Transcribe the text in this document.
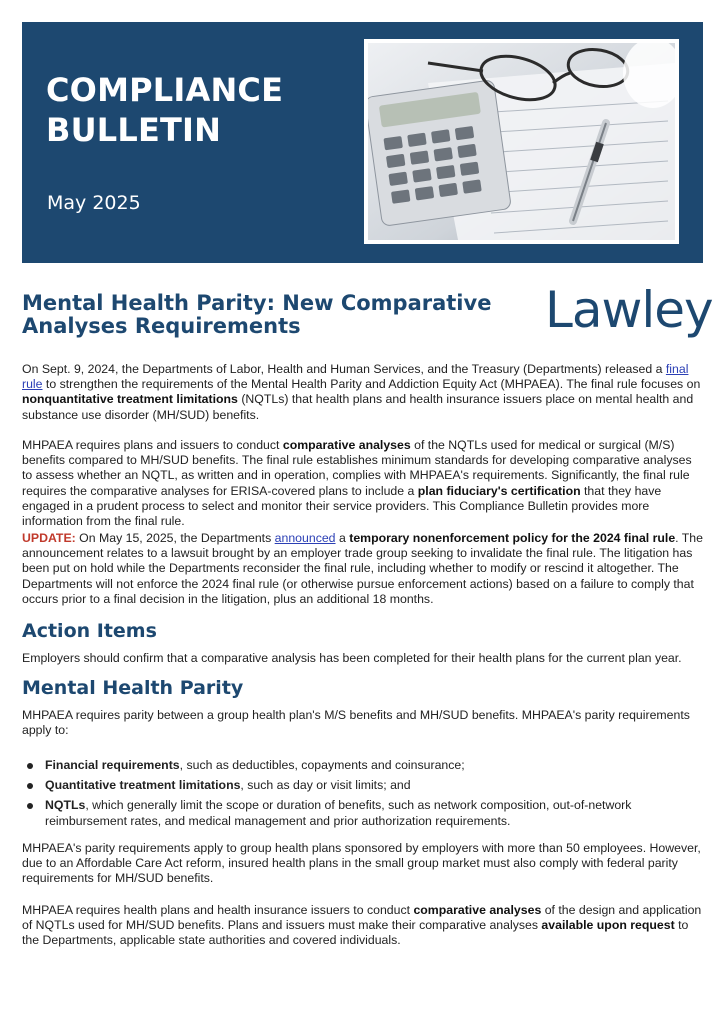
COMPLIANCE
BULLETIN
May 2025
Mental Health Parity: New Comparative
Analyses Requirements	Lawley

On Sept. 9, 2024, the Departments of Labor, Health and Human Services, and the Treasury (Departments) released a final rule to strengthen the requirements of the Mental Health Parity and Addiction Equity Act (MHPAEA). The final rule focuses on nonquantitative treatment limitations (NQTLs) that health plans and health insurance issuers place on mental health and substance use disorder (MH/SUD) benefits.

MHPAEA requires plans and issuers to conduct comparative analyses of the NQTLs used for medical or surgical (M/S) benefits compared to MH/SUD benefits. The final rule establishes minimum standards for developing comparative analyses to assess whether an NQTL, as written and in operation, complies with MHPAEA's requirements. Significantly, the final rule requires the comparative analyses for ERISA-covered plans to include a plan fiduciary's certification that they have engaged in a prudent process to select and monitor their service providers. This Compliance Bulletin provides more information from the final rule.

UPDATE: On May 15, 2025, the Departments announced a temporary nonenforcement policy for the 2024 final rule. The announcement relates to a lawsuit brought by an employer trade group seeking to invalidate the final rule. The litigation has been put on hold while the Departments reconsider the final rule, including whether to modify or rescind it altogether. The Departments will not enforce the 2024 final rule (or otherwise pursue enforcement actions) based on a failure to comply that occurs prior to a final decision in the litigation, plus an additional 18 months.

Action Items

Employers should confirm that a comparative analysis has been completed for their health plans for the current plan year.

Mental Health Parity

MHPAEA requires parity between a group health plan's M/S benefits and MH/SUD benefits. MHPAEA's parity requirements apply to:

Financial requirements, such as deductibles, copayments and coinsurance;
Quantitative treatment limitations, such as day or visit limits; and
NQTLs, which generally limit the scope or duration of benefits, such as network composition, out-of-network reimbursement rates, and medical management and prior authorization requirements.

MHPAEA's parity requirements apply to group health plans sponsored by employers with more than 50 employees. However, due to an Affordable Care Act reform, insured health plans in the small group market must also comply with federal parity requirements for MH/SUD benefits.

MHPAEA requires health plans and health insurance issuers to conduct comparative analyses of the design and application of NQTLs used for MH/SUD benefits. Plans and issuers must make their comparative analyses available upon request to the Departments, applicable state authorities and covered individuals.
